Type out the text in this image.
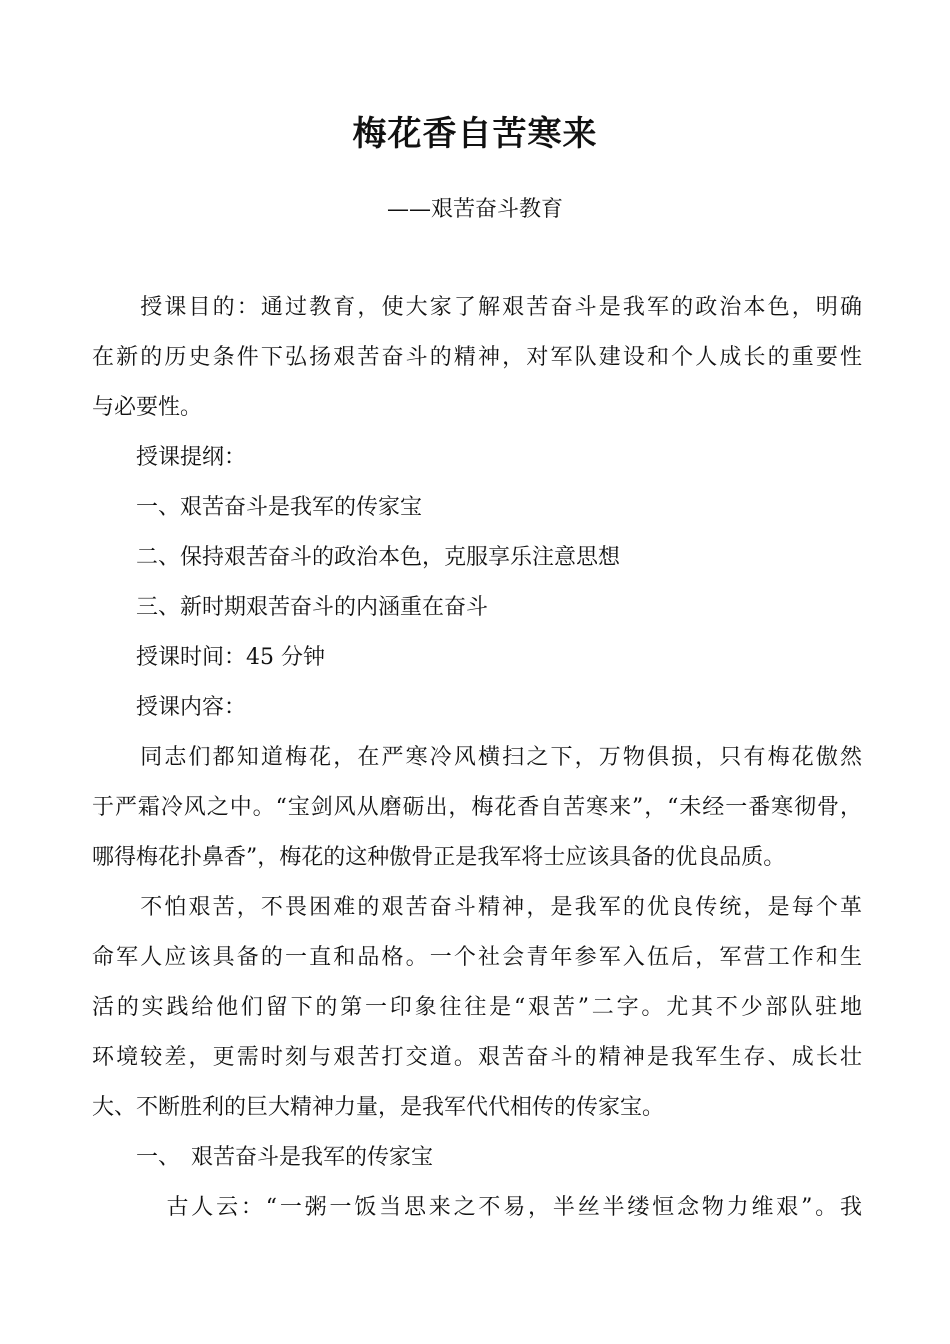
梅花香自苦寒来
——艰苦奋斗教育
　　授课目的：通过教育，使大家了解艰苦奋斗是我军的政治本色，明确
在新的历史条件下弘扬艰苦奋斗的精神，对军队建设和个人成长的重要性
与必要性。
　　授课提纲：
　　一、艰苦奋斗是我军的传家宝
　　二、保持艰苦奋斗的政治本色，克服享乐注意思想
　　三、新时期艰苦奋斗的内涵重在奋斗
　　授课时间：45 分钟
　　授课内容：
　　同志们都知道梅花，在严寒冷风横扫之下，万物俱损，只有梅花傲然
于严霜冷风之中。“宝剑风从磨砺出，梅花香自苦寒来”，“未经一番寒彻骨，
哪得梅花扑鼻香”，梅花的这种傲骨正是我军将士应该具备的优良品质。
　　不怕艰苦，不畏困难的艰苦奋斗精神，是我军的优良传统，是每个革
命军人应该具备的一直和品格。一个社会青年参军入伍后，军营工作和生
活的实践给他们留下的第一印象往往是“艰苦”二字。尤其不少部队驻地
环境较差，更需时刻与艰苦打交道。艰苦奋斗的精神是我军生存、成长壮
大、不断胜利的巨大精神力量，是我军代代相传的传家宝。
　　一、　艰苦奋斗是我军的传家宝
　　　古人云：“一粥一饭当思来之不易，半丝半缕恒念物力维艰”。我
